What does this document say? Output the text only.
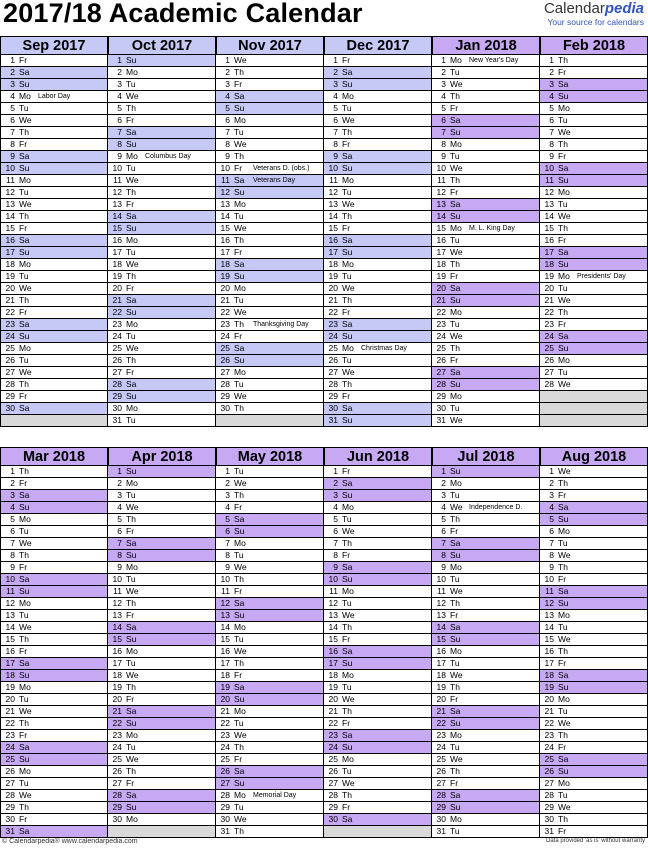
2017/18 Academic Calendar	Calendarpedia
Your source for calendars
Sep 2017
1 Fr
2 Sa
3 Su
4 Mo Labor Day
5 Tu
6 We
7 Th
8 Fr
9 Sa
10 Su
11 Mo
12 Tu
13 We
14 Th
15 Fr
16 Sa
17 Su
18 Mo
19 Tu
20 We
21 Th
22 Fr
23 Sa
24 Su
25 Mo
26 Tu
27 We
28 Th
29 Fr
30 Sa
Oct 2017
1 Su
2 Mo
3 Tu
4 We
5 Th
6 Fr
7 Sa
8 Su
9 Mo Columbus Day
10 Tu
11 We
12 Th
13 Fr
14 Sa
15 Su
16 Mo
17 Tu
18 We
19 Th
20 Fr
21 Sa
22 Su
23 Mo
24 Tu
25 We
26 Th
27 Fr
28 Sa
29 Su
30 Mo
31 Tu
Nov 2017
1 We
2 Th
3 Fr
4 Sa
5 Su
6 Mo
7 Tu
8 We
9 Th
10 Fr Veterans D. (obs.)
11 Sa Veterans Day
12 Su
13 Mo
14 Tu
15 We
16 Th
17 Fr
18 Sa
19 Su
20 Mo
21 Tu
22 We
23 Th Thanksgiving Day
24 Fr
25 Sa
26 Su
27 Mo
28 Tu
29 We
30 Th
Dec 2017
1 Fr
2 Sa
3 Su
4 Mo
5 Tu
6 We
7 Th
8 Fr
9 Sa
10 Su
11 Mo
12 Tu
13 We
14 Th
15 Fr
16 Sa
17 Su
18 Mo
19 Tu
20 We
21 Th
22 Fr
23 Sa
24 Su
25 Mo Christmas Day
26 Tu
27 We
28 Th
29 Fr
30 Sa
31 Su
Jan 2018
1 Mo New Year's Day
2 Tu
3 We
4 Th
5 Fr
6 Sa
7 Su
8 Mo
9 Tu
10 We
11 Th
12 Fr
13 Sa
14 Su
15 Mo M. L. King Day
16 Tu
17 We
18 Th
19 Fr
20 Sa
21 Su
22 Mo
23 Tu
24 We
25 Th
26 Fr
27 Sa
28 Su
29 Mo
30 Tu
31 We
Feb 2018
1 Th
2 Fr
3 Sa
4 Su
5 Mo
6 Tu
7 We
8 Th
9 Fr
10 Sa
11 Su
12 Mo
13 Tu
14 We
15 Th
16 Fr
17 Sa
18 Su
19 Mo Presidents' Day
20 Tu
21 We
22 Th
23 Fr
24 Sa
25 Su
26 Mo
27 Tu
28 We
Mar 2018
1 Th
2 Fr
3 Sa
4 Su
5 Mo
6 Tu
7 We
8 Th
9 Fr
10 Sa
11 Su
12 Mo
13 Tu
14 We
15 Th
16 Fr
17 Sa
18 Su
19 Mo
20 Tu
21 We
22 Th
23 Fr
24 Sa
25 Su
26 Mo
27 Tu
28 We
29 Th
30 Fr
31 Sa
Apr 2018
1 Su
2 Mo
3 Tu
4 We
5 Th
6 Fr
7 Sa
8 Su
9 Mo
10 Tu
11 We
12 Th
13 Fr
14 Sa
15 Su
16 Mo
17 Tu
18 We
19 Th
20 Fr
21 Sa
22 Su
23 Mo
24 Tu
25 We
26 Th
27 Fr
28 Sa
29 Su
30 Mo
May 2018
1 Tu
2 We
3 Th
4 Fr
5 Sa
6 Su
7 Mo
8 Tu
9 We
10 Th
11 Fr
12 Sa
13 Su
14 Mo
15 Tu
16 We
17 Th
18 Fr
19 Sa
20 Su
21 Mo
22 Tu
23 We
24 Th
25 Fr
26 Sa
27 Su
28 Mo Memorial Day
29 Tu
30 We
31 Th
Jun 2018
1 Fr
2 Sa
3 Su
4 Mo
5 Tu
6 We
7 Th
8 Fr
9 Sa
10 Su
11 Mo
12 Tu
13 We
14 Th
15 Fr
16 Sa
17 Su
18 Mo
19 Tu
20 We
21 Th
22 Fr
23 Sa
24 Su
25 Mo
26 Tu
27 We
28 Th
29 Fr
30 Sa
Jul 2018
1 Su
2 Mo
3 Tu
4 We Independence D.
5 Th
6 Fr
7 Sa
8 Su
9 Mo
10 Tu
11 We
12 Th
13 Fr
14 Sa
15 Su
16 Mo
17 Tu
18 We
19 Th
20 Fr
21 Sa
22 Su
23 Mo
24 Tu
25 We
26 Th
27 Fr
28 Sa
29 Su
30 Mo
31 Tu
Aug 2018
1 We
2 Th
3 Fr
4 Sa
5 Su
6 Mo
7 Tu
8 We
9 Th
10 Fr
11 Sa
12 Su
13 Mo
14 Tu
15 We
16 Th
17 Fr
18 Sa
19 Su
20 Mo
21 Tu
22 We
23 Th
24 Fr
25 Sa
26 Su
27 Mo
28 Tu
29 We
30 Th
31 Fr
© Calendarpedia® www.calendarpedia.com	Data provided 'as is' without warranty
